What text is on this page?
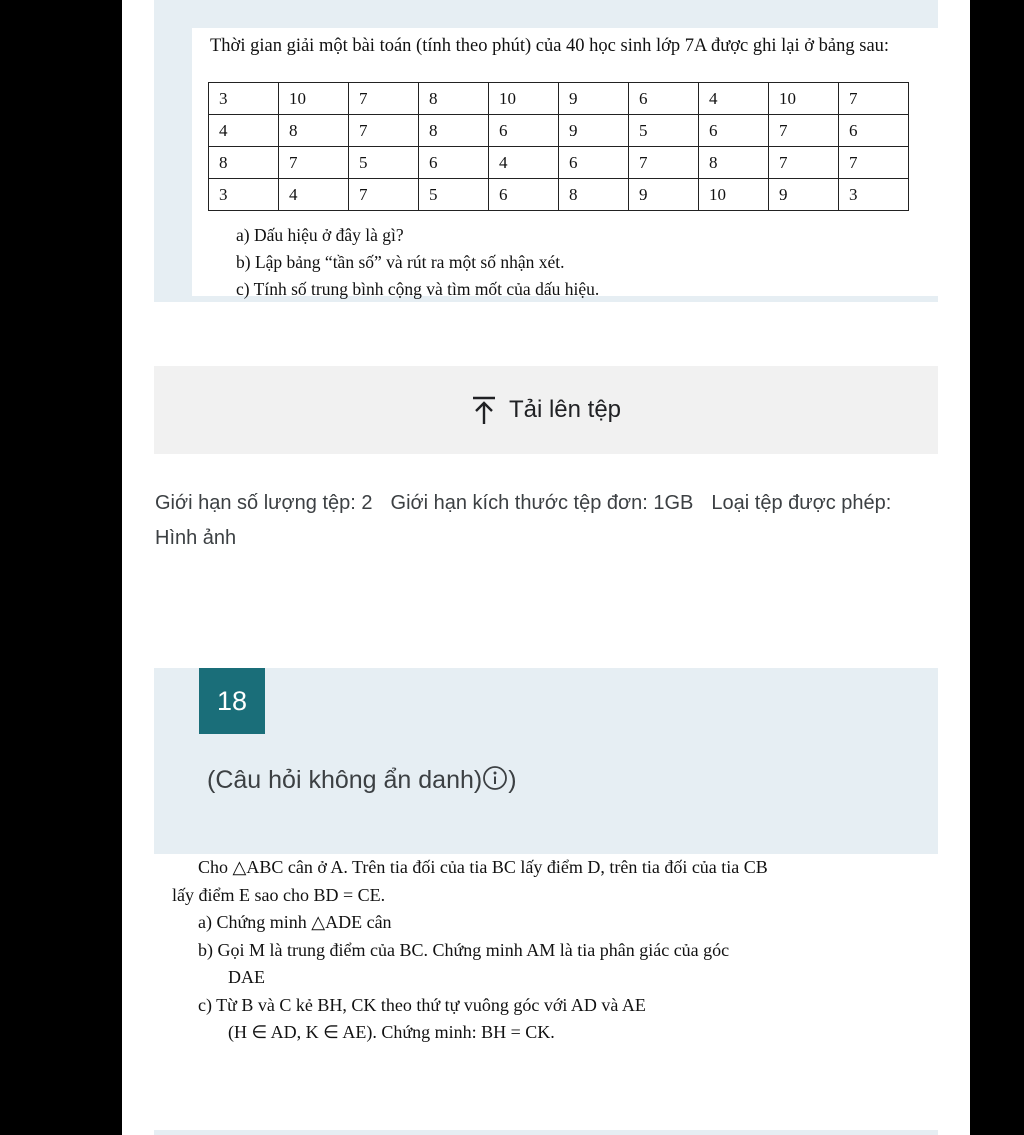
Thời gian giải một bài toán (tính theo phút) của 40 học sinh lớp 7A được ghi lại ở bảng sau:
3	10	7	8	10	9	6	4	10	7
4	8	7	8	6	9	5	6	7	6
8	7	5	6	4	6	7	8	7	7
3	4	7	5	6	8	9	10	9	3
a) Dấu hiệu ở đây là gì?
b) Lập bảng “tần số” và rút ra một số nhận xét.
c) Tính số trung bình cộng và tìm mốt của dấu hiệu.
Tải lên tệp
Giới hạn số lượng tệp: 2 Giới hạn kích thước tệp đơn: 1GB Loại tệp được phép: Hình ảnh
18
(Câu hỏi không ẩn danh) )
Cho △ABC cân ở A. Trên tia đối của tia BC lấy điểm D, trên tia đối của tia CB
lấy điểm E sao cho BD = CE.
a) Chứng minh △ADE cân
b) Gọi M là trung điểm của BC. Chứng minh AM là tia phân giác của góc
DAE
c) Từ B và C kẻ BH, CK theo thứ tự vuông góc với AD và AE
(H ∈ AD, K ∈ AE). Chứng minh: BH = CK.
